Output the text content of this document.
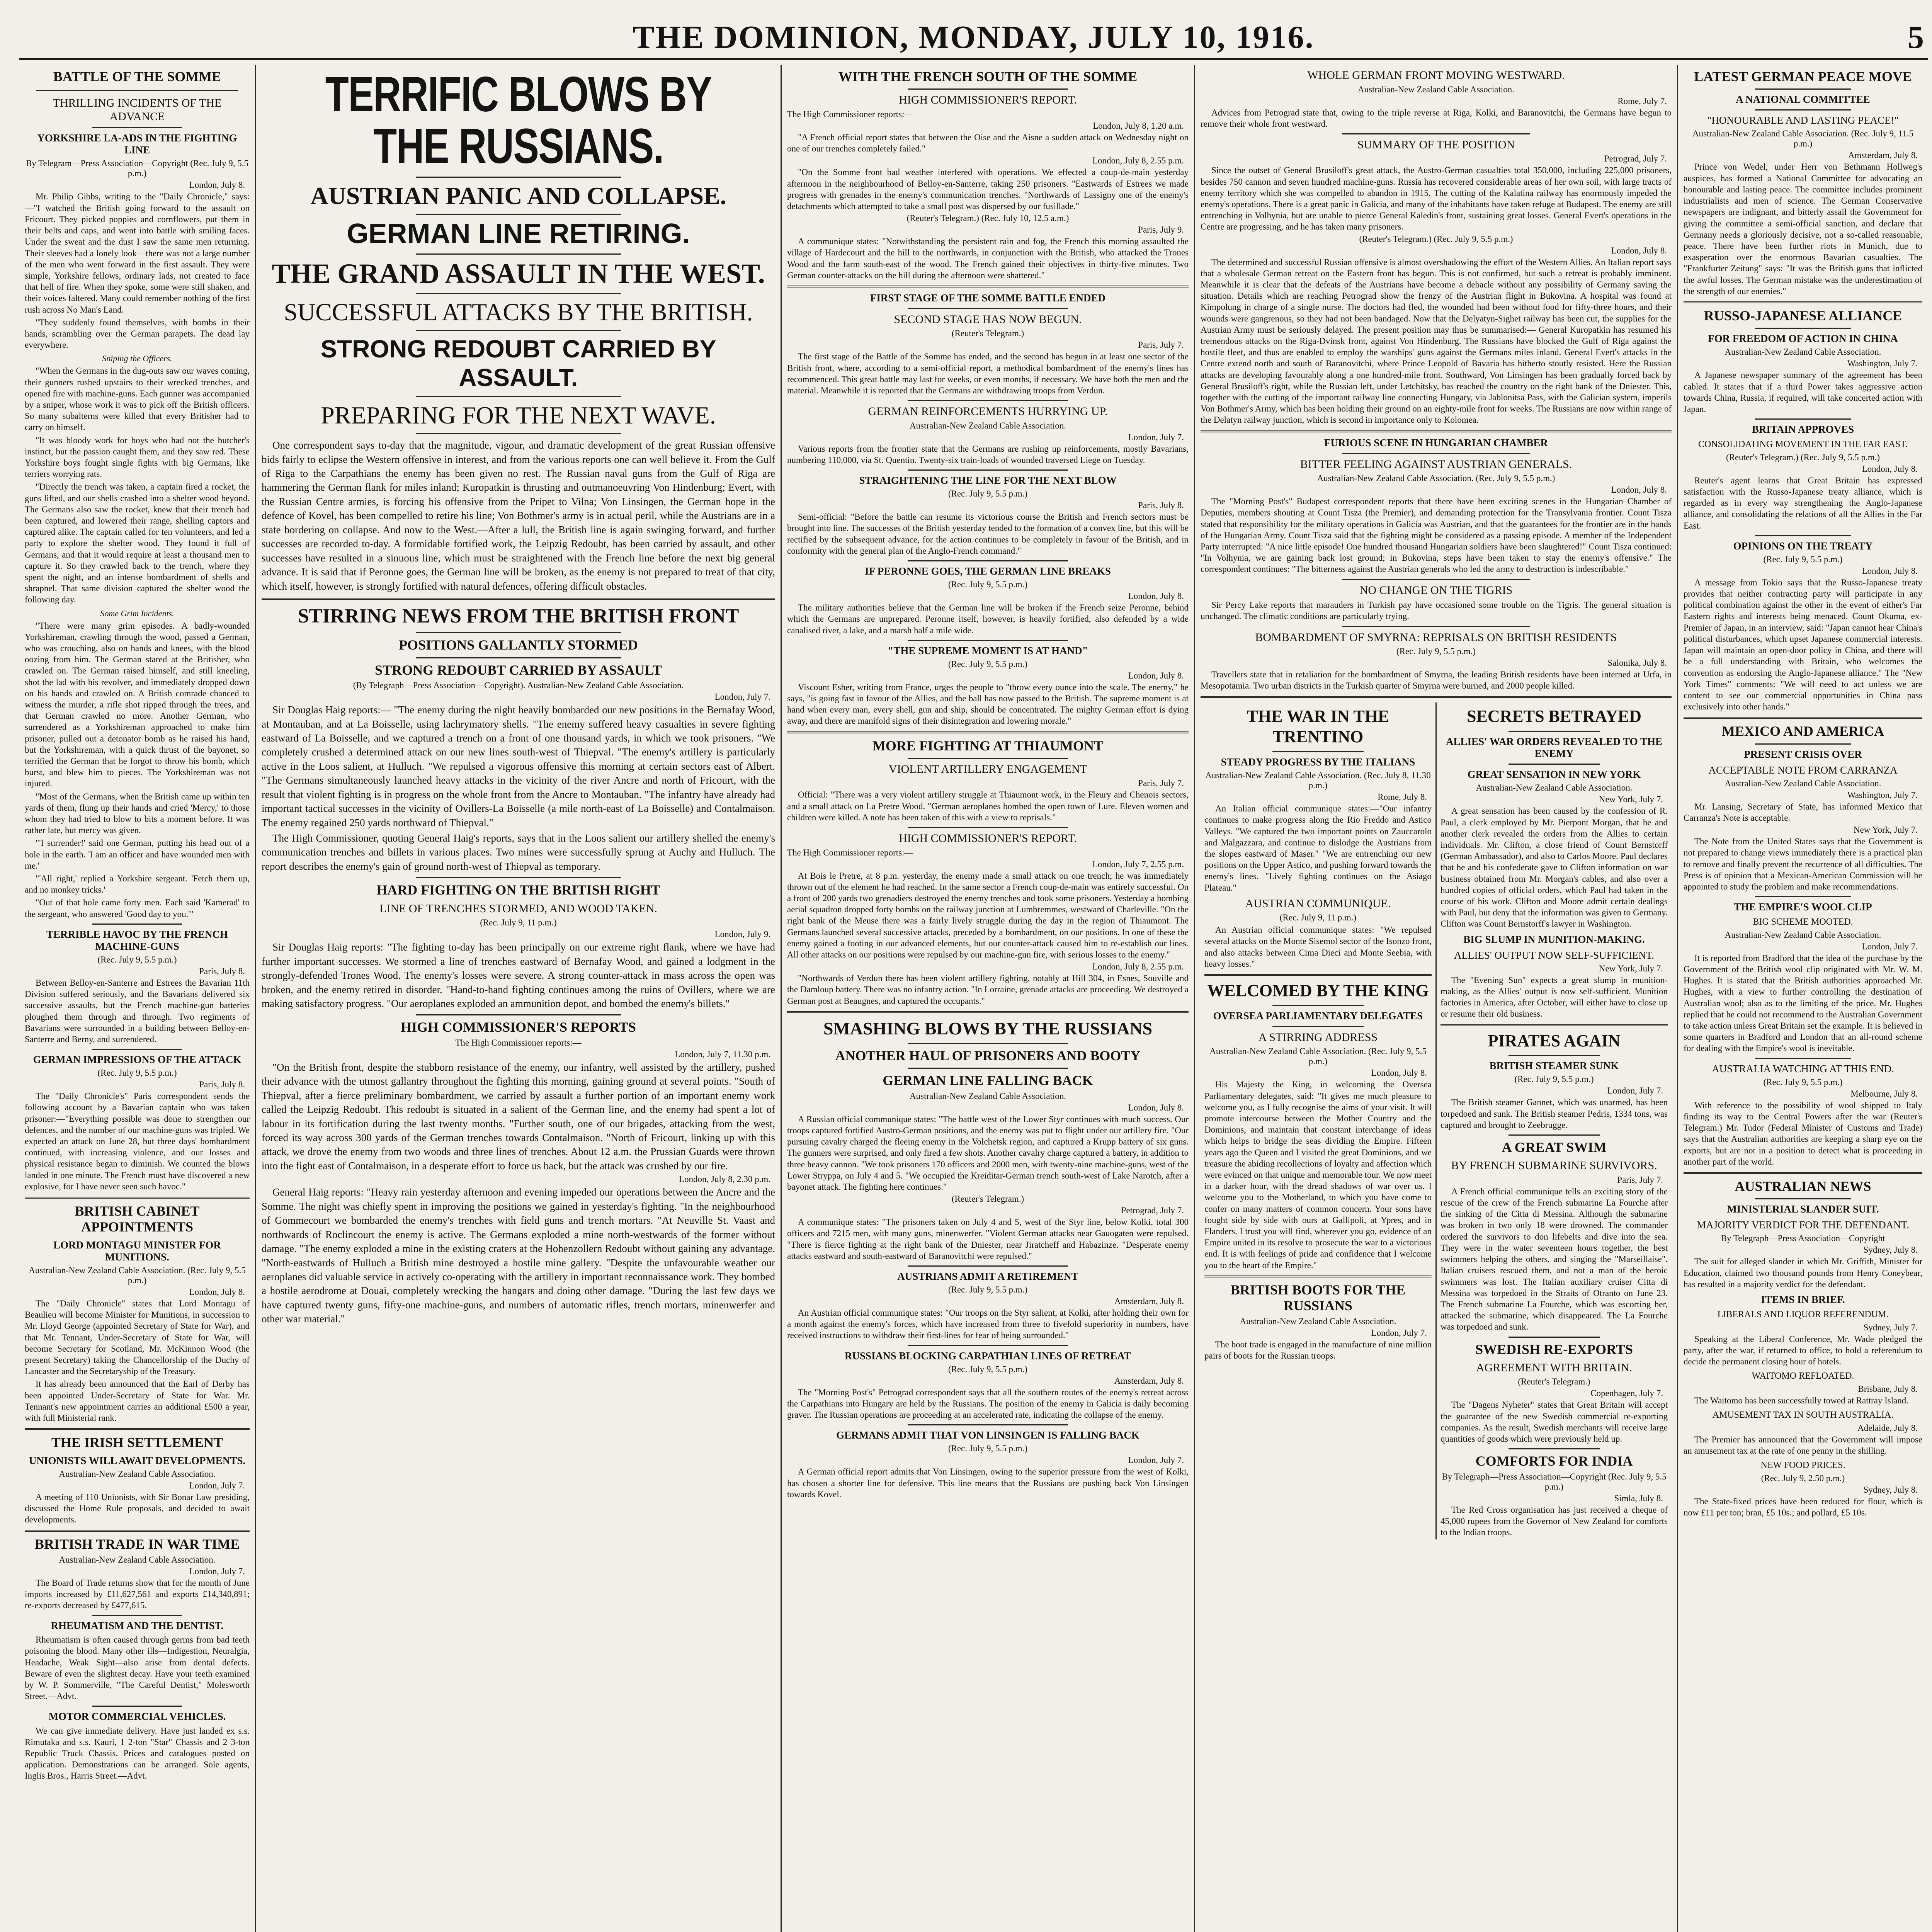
THE DOMINION, MONDAY, JULY 10, 1916.	5
BATTLE OF THE SOMME
THRILLING INCIDENTS OF THE ADVANCE
YORKSHIRE LA-ADS IN THE FIGHTING LINE
By Telegram—Press Association—Copyright (Rec. July 9, 5.5 p.m.)
London, July 8.

Mr. Philip Gibbs, writing to the "Daily Chronicle," says:—"I watched the British going forward to the assault on Fricourt. They picked poppies and cornflowers, put them in their belts and caps, and went into battle with smiling faces. Under the sweat and the dust I saw the same men returning. Their sleeves had a lonely look—there was not a large number of the men who went forward in the first assault. They were simple, Yorkshire fellows, ordinary lads, not created to face that hell of fire. When they spoke, some were still shaken, and their voices faltered. Many could remember nothing of the first rush across No Man's Land.

"They suddenly found themselves, with bombs in their hands, scrambling over the German parapets. The dead lay everywhere.

Sniping the Officers.

"When the Germans in the dug-outs saw our waves coming, their gunners rushed upstairs to their wrecked trenches, and opened fire with machine-guns. Each gunner was accompanied by a sniper, whose work it was to pick off the British officers. So many subalterns were killed that every Britisher had to carry on himself.

"It was bloody work for boys who had not the butcher's instinct, but the passion caught them, and they saw red. These Yorkshire boys fought single fights with big Germans, like terriers worrying rats.

"Directly the trench was taken, a captain fired a rocket, the guns lifted, and our shells crashed into a shelter wood beyond. The Germans also saw the rocket, knew that their trench had been captured, and lowered their range, shelling captors and captured alike. The captain called for ten volunteers, and led a party to explore the shelter wood. They found it full of Germans, and that it would require at least a thousand men to capture it. So they crawled back to the trench, where they spent the night, and an intense bombardment of shells and shrapnel. That same division captured the shelter wood the following day.

Some Grim Incidents.

"There were many grim episodes. A badly-wounded Yorkshireman, crawling through the wood, passed a German, who was crouching, also on hands and knees, with the blood oozing from him. The German stared at the Britisher, who crawled on. The German raised himself, and still kneeling, shot the lad with his revolver, and immediately dropped down on his hands and crawled on. A British comrade chanced to witness the murder, a rifle shot ripped through the trees, and that German crawled no more. Another German, who surrendered as a Yorkshireman approached to make him prisoner, pulled out a detonator bomb as he raised his hand, but the Yorkshireman, with a quick thrust of the bayonet, so terrified the German that he forgot to throw his bomb, which burst, and blew him to pieces. The Yorkshireman was not injured.

"Most of the Germans, when the British came up within ten yards of them, flung up their hands and cried 'Mercy,' to those whom they had tried to blow to bits a moment before. It was rather late, but mercy was given.

"'I surrender!' said one German, putting his head out of a hole in the earth. 'I am an officer and have wounded men with me.'

"'All right,' replied a Yorkshire sergeant. 'Fetch them up, and no monkey tricks.'

"Out of that hole came forty men. Each said 'Kamerad' to the sergeant, who answered 'Good day to you.'"

TERRIBLE HAVOC BY THE FRENCH MACHINE-GUNS
(Rec. July 9, 5.5 p.m.)
Paris, July 8.

Between Belloy-en-Santerre and Estrees the Bavarian 11th Division suffered seriously, and the Bavarians delivered six successive assaults, but the French machine-gun batteries ploughed them through and through. Two regiments of Bavarians were surrounded in a building between Belloy-en-Santerre and Berny, and surrendered.

GERMAN IMPRESSIONS OF THE ATTACK
(Rec. July 9, 5.5 p.m.)
Paris, July 8.

The "Daily Chronicle's" Paris correspondent sends the following account by a Bavarian captain who was taken prisoner:—"Everything possible was done to strengthen our defences, and the number of our machine-guns was tripled. We expected an attack on June 28, but three days' bombardment continued, with increasing violence, and our losses and physical resistance began to diminish. We counted the blows landed in one minute. The French must have discovered a new explosive, for I have never seen such havoc."

BRITISH CABINET APPOINTMENTS
LORD MONTAGU MINISTER FOR MUNITIONS.
Australian-New Zealand Cable Association. (Rec. July 9, 5.5 p.m.)
London, July 8.

The "Daily Chronicle" states that Lord Montagu of Beaulieu will become Minister for Munitions, in succession to Mr. Lloyd George (appointed Secretary of State for War), and that Mr. Tennant, Under-Secretary of State for War, will become Secretary for Scotland, Mr. McKinnon Wood (the present Secretary) taking the Chancellorship of the Duchy of Lancaster and the Secretaryship of the Treasury.

It has already been announced that the Earl of Derby has been appointed Under-Secretary of State for War. Mr. Tennant's new appointment carries an additional £500 a year, with full Ministerial rank.

THE IRISH SETTLEMENT
UNIONISTS WILL AWAIT DEVELOPMENTS.
Australian-New Zealand Cable Association.
London, July 7.

A meeting of 110 Unionists, with Sir Bonar Law presiding, discussed the Home Rule proposals, and decided to await developments.

BRITISH TRADE IN WAR TIME
Australian-New Zealand Cable Association.
London, July 7.

The Board of Trade returns show that for the month of June imports increased by £11,627,561 and exports £14,340,891; re-exports decreased by £477,615.

RHEUMATISM AND THE DENTIST.

Rheumatism is often caused through germs from bad teeth poisoning the blood. Many other ills—Indigestion, Neuralgia, Headache, Weak Sight—also arise from dental defects. Beware of even the slightest decay. Have your teeth examined by W. P. Sommerville, "The Careful Dentist," Molesworth Street.—Advt.

MOTOR COMMERCIAL VEHICLES.

We can give immediate delivery. Have just landed ex s.s. Rimutaka and s.s. Kauri, 1 2-ton "Star" Chassis and 2 3-ton Republic Truck Chassis. Prices and catalogues posted on application. Demonstrations can be arranged. Sole agents, Inglis Bros., Harris Street.—Advt.

TERRIFIC BLOWS BY THE RUSSIANS.
AUSTRIAN PANIC AND COLLAPSE.
GERMAN LINE RETIRING.
THE GRAND ASSAULT IN THE WEST.
SUCCESSFUL ATTACKS BY THE BRITISH.
STRONG REDOUBT CARRIED BY ASSAULT.
PREPARING FOR THE NEXT WAVE.

One correspondent says to-day that the magnitude, vigour, and dramatic development of the great Russian offensive bids fairly to eclipse the Western offensive in interest, and from the various reports one can well believe it. From the Gulf of Riga to the Carpathians the enemy has been given no rest. The Russian naval guns from the Gulf of Riga are hammering the German flank for miles inland; Kuropatkin is thrusting and outmanoeuvring Von Hindenburg; Evert, with the Russian Centre armies, is forcing his offensive from the Pripet to Vilna; Von Linsingen, the German hope in the defence of Kovel, has been compelled to retire his line; Von Bothmer's army is in actual peril, while the Austrians are in a state bordering on collapse. And now to the West.—After a lull, the British line is again swinging forward, and further successes are recorded to-day. A formidable fortified work, the Leipzig Redoubt, has been carried by assault, and other successes have resulted in a sinuous line, which must be straightened with the French line before the next big general advance. It is said that if Peronne goes, the German line will be broken, as the enemy is not prepared to treat of that city, which itself, however, is strongly fortified with natural defences, offering difficult obstacles.

STIRRING NEWS FROM THE BRITISH FRONT
POSITIONS GALLANTLY STORMED
STRONG REDOUBT CARRIED BY ASSAULT
(By Telegraph—Press Association—Copyright). Australian-New Zealand Cable Association.
London, July 7.

Sir Douglas Haig reports:— "The enemy during the night heavily bombarded our new positions in the Bernafay Wood, at Montauban, and at La Boisselle, using lachrymatory shells. "The enemy suffered heavy casualties in severe fighting eastward of La Boisselle, and we captured a trench on a front of one thousand yards, in which we took prisoners. "We completely crushed a determined attack on our new lines south-west of Thiepval. "The enemy's artillery is particularly active in the Loos salient, at Hulluch. "We repulsed a vigorous offensive this morning at certain sectors east of Albert. "The Germans simultaneously launched heavy attacks in the vicinity of the river Ancre and north of Fricourt, with the result that violent fighting is in progress on the whole front from the Ancre to Montauban. "The infantry have already had important tactical successes in the vicinity of Ovillers-La Boisselle (a mile north-east of La Boisselle) and Contalmaison. The enemy regained 250 yards northward of Thiepval."

The High Commissioner, quoting General Haig's reports, says that in the Loos salient our artillery shelled the enemy's communication trenches and billets in various places. Two mines were successfully sprung at Auchy and Hulluch. The report describes the enemy's gain of ground north-west of Thiepval as temporary.

HARD FIGHTING ON THE BRITISH RIGHT
LINE OF TRENCHES STORMED, AND WOOD TAKEN.
(Rec. July 9, 11 p.m.)
London, July 9.

Sir Douglas Haig reports: "The fighting to-day has been principally on our extreme right flank, where we have had further important successes. We stormed a line of trenches eastward of Bernafay Wood, and gained a lodgment in the strongly-defended Trones Wood. The enemy's losses were severe. A strong counter-attack in mass across the open was broken, and the enemy retired in disorder. "Hand-to-hand fighting continues among the ruins of Ovillers, where we are making satisfactory progress. "Our aeroplanes exploded an ammunition depot, and bombed the enemy's billets."

HIGH COMMISSIONER'S REPORTS
The High Commissioner reports:—
London, July 7, 11.30 p.m.

"On the British front, despite the stubborn resistance of the enemy, our infantry, well assisted by the artillery, pushed their advance with the utmost gallantry throughout the fighting this morning, gaining ground at several points. "South of Thiepval, after a fierce preliminary bombardment, we carried by assault a further portion of an important enemy work called the Leipzig Redoubt. This redoubt is situated in a salient of the German line, and the enemy had spent a lot of labour in its fortification during the last twenty months. "Further south, one of our brigades, attacking from the west, forced its way across 300 yards of the German trenches towards Contalmaison. "North of Fricourt, linking up with this attack, we drove the enemy from two woods and three lines of trenches. About 12 a.m. the Prussian Guards were thrown into the fight east of Contalmaison, in a desperate effort to force us back, but the attack was crushed by our fire.

London, July 8, 2.30 p.m.

General Haig reports: "Heavy rain yesterday afternoon and evening impeded our operations between the Ancre and the Somme. The night was chiefly spent in improving the positions we gained in yesterday's fighting. "In the neighbourhood of Gommecourt we bombarded the enemy's trenches with field guns and trench mortars. "At Neuville St. Vaast and northwards of Roclincourt the enemy is active. The Germans exploded a mine north-westwards of the former without damage. "The enemy exploded a mine in the existing craters at the Hohenzollern Redoubt without gaining any advantage. "North-eastwards of Hulluch a British mine destroyed a hostile mine gallery. "Despite the unfavourable weather our aeroplanes did valuable service in actively co-operating with the artillery in important reconnaissance work. They bombed a hostile aerodrome at Douai, completely wrecking the hangars and doing other damage. "During the last few days we have captured twenty guns, fifty-one machine-guns, and numbers of automatic rifles, trench mortars, minenwerfer and other war material."

WITH THE FRENCH SOUTH OF THE SOMME
HIGH COMMISSIONER'S REPORT.
The High Commissioner reports:—
London, July 8, 1.20 a.m.

"A French official report states that between the Oise and the Aisne a sudden attack on Wednesday night on one of our trenches completely failed."

London, July 8, 2.55 p.m.

"On the Somme front bad weather interfered with operations. We effected a coup-de-main yesterday afternoon in the neighbourhood of Belloy-en-Santerre, taking 250 prisoners. "Eastwards of Estrees we made progress with grenades in the enemy's communication trenches. "Northwards of Lassigny one of the enemy's detachments which attempted to take a small post was dispersed by our fusillade."

(Reuter's Telegram.) (Rec. July 10, 12.5 a.m.)
Paris, July 9.

A communique states: "Notwithstanding the persistent rain and fog, the French this morning assaulted the village of Hardecourt and the hill to the northwards, in conjunction with the British, who attacked the Trones Wood and the farm south-east of the wood. The French gained their objectives in thirty-five minutes. Two German counter-attacks on the hill during the afternoon were shattered."

FIRST STAGE OF THE SOMME BATTLE ENDED
SECOND STAGE HAS NOW BEGUN.
(Reuter's Telegram.)
Paris, July 7.

The first stage of the Battle of the Somme has ended, and the second has begun in at least one sector of the British front, where, according to a semi-official report, a methodical bombardment of the enemy's lines has recommenced. This great battle may last for weeks, or even months, if necessary. We have both the men and the material. Meanwhile it is reported that the Germans are withdrawing troops from Verdun.

GERMAN REINFORCEMENTS HURRYING UP.
Australian-New Zealand Cable Association.
London, July 7.

Various reports from the frontier state that the Germans are rushing up reinforcements, mostly Bavarians, numbering 110,000, via St. Quentin. Twenty-six train-loads of wounded traversed Liege on Tuesday.

STRAIGHTENING THE LINE FOR THE NEXT BLOW
(Rec. July 9, 5.5 p.m.)
Paris, July 8.

Semi-official: "Before the battle can resume its victorious course the British and French sectors must be brought into line. The successes of the British yesterday tended to the formation of a convex line, but this will be rectified by the subsequent advance, for the action continues to be completely in favour of the British, and in conformity with the general plan of the Anglo-French command."

IF PERONNE GOES, THE GERMAN LINE BREAKS
(Rec. July 9, 5.5 p.m.)
London, July 8.

The military authorities believe that the German line will be broken if the French seize Peronne, behind which the Germans are unprepared. Peronne itself, however, is heavily fortified, also defended by a wide canalised river, a lake, and a marsh half a mile wide.

"THE SUPREME MOMENT IS AT HAND"
(Rec. July 9, 5.5 p.m.)
London, July 8.

Viscount Esher, writing from France, urges the people to "throw every ounce into the scale. The enemy," he says, "is going fast in favour of the Allies, and the ball has now passed to the British. The supreme moment is at hand when every man, every shell, gun and ship, should be concentrated. The mighty German effort is dying away, and there are manifold signs of their disintegration and lowering morale."

MORE FIGHTING AT THIAUMONT
VIOLENT ARTILLERY ENGAGEMENT
Paris, July 7.

Official: "There was a very violent artillery struggle at Thiaumont work, in the Fleury and Chenois sectors, and a small attack on La Pretre Wood. "German aeroplanes bombed the open town of Lure. Eleven women and children were killed. A note has been taken of this with a view to reprisals."

HIGH COMMISSIONER'S REPORT.
The High Commissioner reports:—
London, July 7, 2.55 p.m.

At Bois le Pretre, at 8 p.m. yesterday, the enemy made a small attack on one trench; he was immediately thrown out of the element he had reached. In the same sector a French coup-de-main was entirely successful. On a front of 200 yards two grenadiers destroyed the enemy trenches and took some prisoners. Yesterday a bombing aerial squadron dropped forty bombs on the railway junction at Lumbremmes, westward of Charleville. "On the right bank of the Meuse there was a fairly lively struggle during the day in the region of Thiaumont. The Germans launched several successive attacks, preceded by a bombardment, on our positions. In one of these the enemy gained a footing in our advanced elements, but our counter-attack caused him to re-establish our lines. All other attacks on our positions were repulsed by our machine-gun fire, with serious losses to the enemy."

London, July 8, 2.55 p.m.

"Northwards of Verdun there has been violent artillery fighting, notably at Hill 304, in Esnes, Souville and the Damloup battery. There was no infantry action. "In Lorraine, grenade attacks are proceeding. We destroyed a German post at Beaugnes, and captured the occupants."

SMASHING BLOWS BY THE RUSSIANS
ANOTHER HAUL OF PRISONERS AND BOOTY
GERMAN LINE FALLING BACK
Australian-New Zealand Cable Association.
London, July 8.

A Russian official communique states: "The battle west of the Lower Styr continues with much success. Our troops captured fortified Austro-German positions, and the enemy was put to flight under our artillery fire. "Our pursuing cavalry charged the fleeing enemy in the Volchetsk region, and captured a Krupp battery of six guns. The gunners were surprised, and only fired a few shots. Another cavalry charge captured a battery, in addition to three heavy cannon. "We took prisoners 170 officers and 2000 men, with twenty-nine machine-guns, west of the Lower Stryppa, on July 4 and 5. "We occupied the Kreiditar-German trench south-west of Lake Narotch, after a bayonet attack. The fighting here continues."

(Reuter's Telegram.)
Petrograd, July 7.

A communique states: "The prisoners taken on July 4 and 5, west of the Styr line, below Kolki, total 300 officers and 7215 men, with many guns, minenwerfer. "Violent German attacks near Gauogaten were repulsed. "There is fierce fighting at the right bank of the Dniester, near Jiratcheff and Habazinze. "Desperate enemy attacks eastward and south-eastward of Baranovitchi were repulsed."

AUSTRIANS ADMIT A RETIREMENT
(Rec. July 9, 5.5 p.m.)
Amsterdam, July 8.

An Austrian official communique states: "Our troops on the Styr salient, at Kolki, after holding their own for a month against the enemy's forces, which have increased from three to fivefold superiority in numbers, have received instructions to withdraw their first-lines for fear of being surrounded."

RUSSIANS BLOCKING CARPATHIAN LINES OF RETREAT
(Rec. July 9, 5.5 p.m.)
Amsterdam, July 8.

The "Morning Post's" Petrograd correspondent says that all the southern routes of the enemy's retreat across the Carpathians into Hungary are held by the Russians. The position of the enemy in Galicia is daily becoming graver. The Russian operations are proceeding at an accelerated rate, indicating the collapse of the enemy.

GERMANS ADMIT THAT VON LINSINGEN IS FALLING BACK
(Rec. July 9, 5.5 p.m.)
London, July 7.

A German official report admits that Von Linsingen, owing to the superior pressure from the west of Kolki, has chosen a shorter line for defensive. This line means that the Russians are pushing back Von Linsingen towards Kovel.

WHOLE GERMAN FRONT MOVING WESTWARD.
Australian-New Zealand Cable Association.
Rome, July 7.

Advices from Petrograd state that, owing to the triple reverse at Riga, Kolki, and Baranovitchi, the Germans have begun to remove their whole front westward.

SUMMARY OF THE POSITION
Petrograd, July 7.

Since the outset of General Brusiloff's great attack, the Austro-German casualties total 350,000, including 225,000 prisoners, besides 750 cannon and seven hundred machine-guns. Russia has recovered considerable areas of her own soil, with large tracts of enemy territory which she was compelled to abandon in 1915. The cutting of the Kalatina railway has enormously impeded the enemy's operations. There is a great panic in Galicia, and many of the inhabitants have taken refuge at Budapest. The enemy are still entrenching in Volhynia, but are unable to pierce General Kaledin's front, sustaining great losses. General Evert's operations in the Centre are progressing, and he has taken many prisoners.

(Reuter's Telegram.) (Rec. July 9, 5.5 p.m.)
London, July 8.

The determined and successful Russian offensive is almost overshadowing the effort of the Western Allies. An Italian report says that a wholesale German retreat on the Eastern front has begun. This is not confirmed, but such a retreat is probably imminent. Meanwhile it is clear that the defeats of the Austrians have become a debacle without any possibility of Germany saving the situation. Details which are reaching Petrograd show the frenzy of the Austrian flight in Bukovina. A hospital was found at Kimpolung in charge of a single nurse. The doctors had fled, the wounded had been without food for fifty-three hours, and their wounds were gangrenous, so they had not been bandaged. Now that the Delyatyn-Sighet railway has been cut, the supplies for the Austrian Army must be seriously delayed. The present position may thus be summarised:— General Kuropatkin has resumed his tremendous attacks on the Riga-Dvinsk front, against Von Hindenburg. The Russians have blocked the Gulf of Riga against the hostile fleet, and thus are enabled to employ the warships' guns against the Germans miles inland. General Evert's attacks in the Centre extend north and south of Baranovitchi, where Prince Leopold of Bavaria has hitherto stoutly resisted. Here the Russian attacks are developing favourably along a one hundred-mile front. Southward, Von Linsingen has been gradually forced back by General Brusiloff's right, while the Russian left, under Letchitsky, has reached the country on the right bank of the Dniester. This, together with the cutting of the important railway line connecting Hungary, via Jablonitsa Pass, with the Galician system, imperils Von Bothmer's Army, which has been holding their ground on an eighty-mile front for weeks. The Russians are now within range of the Delatyn railway junction, which is second in importance only to Kolomea.

FURIOUS SCENE IN HUNGARIAN CHAMBER
BITTER FEELING AGAINST AUSTRIAN GENERALS.
Australian-New Zealand Cable Association. (Rec. July 9, 5.5 p.m.)
London, July 8.

The "Morning Post's" Budapest correspondent reports that there have been exciting scenes in the Hungarian Chamber of Deputies, members shouting at Count Tisza (the Premier), and demanding protection for the Transylvania frontier. Count Tisza stated that responsibility for the military operations in Galicia was Austrian, and that the guarantees for the frontier are in the hands of the Hungarian Army. Count Tisza said that the fighting might be considered as a passing episode. A member of the Independent Party interrupted: "A nice little episode! One hundred thousand Hungarian soldiers have been slaughtered!" Count Tisza continued: "In Volhynia, we are gaining back lost ground; in Bukovina, steps have been taken to stay the enemy's offensive." The correspondent continues: "The bitterness against the Austrian generals who led the army to destruction is indescribable."

NO CHANGE ON THE TIGRIS

Sir Percy Lake reports that marauders in Turkish pay have occasioned some trouble on the Tigris. The general situation is unchanged. The climatic conditions are particularly trying.

BOMBARDMENT OF SMYRNA: REPRISALS ON BRITISH RESIDENTS
(Rec. July 9, 5.5 p.m.)
Salonika, July 8.

Travellers state that in retaliation for the bombardment of Smyrna, the leading British residents have been interned at Urfa, in Mesopotamia. Two urban districts in the Turkish quarter of Smyrna were burned, and 2000 people killed.

THE WAR IN THE TRENTINO
STEADY PROGRESS BY THE ITALIANS
Australian-New Zealand Cable Association. (Rec. July 8, 11.30 p.m.)
Rome, July 8.

An Italian official communique states:—"Our infantry continues to make progress along the Rio Freddo and Astico Valleys. "We captured the two important points on Zauccarolo and Malgazzara, and continue to dislodge the Austrians from the slopes eastward of Maser." "We are entrenching our new positions on the Upper Astico, and pushing forward towards the enemy's lines. "Lively fighting continues on the Asiago Plateau."

AUSTRIAN COMMUNIQUE.
(Rec. July 9, 11 p.m.)

An Austrian official communique states: "We repulsed several attacks on the Monte Sisemol sector of the Isonzo front, and also attacks between Cima Dieci and Monte Seebia, with heavy losses."

WELCOMED BY THE KING
OVERSEA PARLIAMENTARY DELEGATES
A STIRRING ADDRESS
Australian-New Zealand Cable Association. (Rec. July 9, 5.5 p.m.)
London, July 8.

His Majesty the King, in welcoming the Oversea Parliamentary delegates, said: "It gives me much pleasure to welcome you, as I fully recognise the aims of your visit. It will promote intercourse between the Mother Country and the Dominions, and maintain that constant interchange of ideas which helps to bridge the seas dividing the Empire. Fifteen years ago the Queen and I visited the great Dominions, and we treasure the abiding recollections of loyalty and affection which were evinced on that unique and memorable tour. We now meet in a darker hour, with the dread shadows of war over us. I welcome you to the Motherland, to which you have come to confer on many matters of common concern. Your sons have fought side by side with ours at Gallipoli, at Ypres, and in Flanders. I trust you will find, wherever you go, evidence of an Empire united in its resolve to prosecute the war to a victorious end. It is with feelings of pride and confidence that I welcome you to the heart of the Empire."

BRITISH BOOTS FOR THE RUSSIANS
Australian-New Zealand Cable Association.
London, July 7.

The boot trade is engaged in the manufacture of nine million pairs of boots for the Russian troops.

SECRETS BETRAYED
ALLIES' WAR ORDERS REVEALED TO THE ENEMY
GREAT SENSATION IN NEW YORK
Australian-New Zealand Cable Association.
New York, July 7.

A great sensation has been caused by the confession of R. Paul, a clerk employed by Mr. Pierpont Morgan, that he and another clerk revealed the orders from the Allies to certain individuals. Mr. Clifton, a close friend of Count Bernstorff (German Ambassador), and also to Carlos Moore. Paul declares that he and his confederate gave to Clifton information on war business obtained from Mr. Morgan's cables, and also over a hundred copies of official orders, which Paul had taken in the course of his work. Clifton and Moore admit certain dealings with Paul, but deny that the information was given to Germany. Clifton was Count Bernstorff's lawyer in Washington.

BIG SLUMP IN MUNITION-MAKING.
ALLIES' OUTPUT NOW SELF-SUFFICIENT.
New York, July 7.

The "Evening Sun" expects a great slump in munition-making, as the Allies' output is now self-sufficient. Munition factories in America, after October, will either have to close up or resume their old business.

PIRATES AGAIN
BRITISH STEAMER SUNK
(Rec. July 9, 5.5 p.m.)
London, July 7.

The British steamer Gannet, which was unarmed, has been torpedoed and sunk. The British steamer Pedris, 1334 tons, was captured and brought to Zeebrugge.

A GREAT SWIM
BY FRENCH SUBMARINE SURVIVORS.
Paris, July 7.

A French official communique tells an exciting story of the rescue of the crew of the French submarine La Fourche after the sinking of the Citta di Messina. Although the submarine was broken in two only 18 were drowned. The commander ordered the survivors to don lifebelts and dive into the sea. They were in the water seventeen hours together, the best swimmers helping the others, and singing the "Marseillaise". Italian cruisers rescued them, and not a man of the heroic swimmers was lost. The Italian auxiliary cruiser Citta di Messina was torpedoed in the Straits of Otranto on June 23. The French submarine La Fourche, which was escorting her, attacked the submarine, which disappeared. The La Fourche was torpedoed and sunk.

SWEDISH RE-EXPORTS
AGREEMENT WITH BRITAIN.
(Reuter's Telegram.)
Copenhagen, July 7.

The "Dagens Nyheter" states that Great Britain will accept the guarantee of the new Swedish commercial re-exporting companies. As the result, Swedish merchants will receive large quantities of goods which were previously held up.

COMFORTS FOR INDIA
By Telegraph—Press Association—Copyright (Rec. July 9, 5.5 p.m.)
Simla, July 8.

The Red Cross organisation has just received a cheque of 45,000 rupees from the Governor of New Zealand for comforts to the Indian troops.

LATEST GERMAN PEACE MOVE
A NATIONAL COMMITTEE
"HONOURABLE AND LASTING PEACE!"
Australian-New Zealand Cable Association. (Rec. July 9, 11.5 p.m.)
Amsterdam, July 8.

Prince von Wedel, under Herr von Bethmann Hollweg's auspices, has formed a National Committee for advocating an honourable and lasting peace. The committee includes prominent industrialists and men of science. The German Conservative newspapers are indignant, and bitterly assail the Government for giving the committee a semi-official sanction, and declare that Germany needs a gloriously decisive, not a so-called reasonable, peace. There have been further riots in Munich, due to exasperation over the enormous Bavarian casualties. The "Frankfurter Zeitung" says: "It was the British guns that inflicted the awful losses. The German mistake was the underestimation of the strength of our enemies."

RUSSO-JAPANESE ALLIANCE
FOR FREEDOM OF ACTION IN CHINA
Australian-New Zealand Cable Association.
Washington, July 7.

A Japanese newspaper summary of the agreement has been cabled. It states that if a third Power takes aggressive action towards China, Russia, if required, will take concerted action with Japan.

BRITAIN APPROVES
CONSOLIDATING MOVEMENT IN THE FAR EAST.
(Reuter's Telegram.) (Rec. July 9, 5.5 p.m.)
London, July 8.

Reuter's agent learns that Great Britain has expressed satisfaction with the Russo-Japanese treaty alliance, which is regarded as in every way strengthening the Anglo-Japanese alliance, and consolidating the relations of all the Allies in the Far East.

OPINIONS ON THE TREATY
(Rec. July 9, 5.5 p.m.)
London, July 8.

A message from Tokio says that the Russo-Japanese treaty provides that neither contracting party will participate in any political combination against the other in the event of either's Far Eastern rights and interests being menaced. Count Okuma, ex-Premier of Japan, in an interview, said: "Japan cannot hear China's political disturbances, which upset Japanese commercial interests. Japan will maintain an open-door policy in China, and there will be a full understanding with Britain, who welcomes the convention as endorsing the Anglo-Japanese alliance." The "New York Times" comments: "We will need to act unless we are content to see our commercial opportunities in China pass exclusively into other hands."

MEXICO AND AMERICA
PRESENT CRISIS OVER
ACCEPTABLE NOTE FROM CARRANZA
Australian-New Zealand Cable Association.
Washington, July 7.

Mr. Lansing, Secretary of State, has informed Mexico that Carranza's Note is acceptable.

New York, July 7.

The Note from the United States says that the Government is not prepared to change views immediately there is a practical plan to remove and finally prevent the recurrence of all difficulties. The Press is of opinion that a Mexican-American Commission will be appointed to study the problem and make recommendations.

THE EMPIRE'S WOOL CLIP
BIG SCHEME MOOTED.
Australian-New Zealand Cable Association.
London, July 7.

It is reported from Bradford that the idea of the purchase by the Government of the British wool clip originated with Mr. W. M. Hughes. It is stated that the British authorities approached Mr. Hughes, with a view to further controlling the destination of Australian wool; also as to the limiting of the price. Mr. Hughes replied that he could not recommend to the Australian Government to take action unless Great Britain set the example. It is believed in some quarters in Bradford and London that an all-round scheme for dealing with the Empire's wool is inevitable.

AUSTRALIA WATCHING AT THIS END.
(Rec. July 9, 5.5 p.m.)
Melbourne, July 8.

With reference to the possibility of wool shipped to Italy finding its way to the Central Powers after the war (Reuter's Telegram.) Mr. Tudor (Federal Minister of Customs and Trade) says that the Australian authorities are keeping a sharp eye on the exports, but are not in a position to detect what is proceeding in another part of the world.

AUSTRALIAN NEWS
MINISTERIAL SLANDER SUIT.
MAJORITY VERDICT FOR THE DEFENDANT.
By Telegraph—Press Association—Copyright
Sydney, July 8.

The suit for alleged slander in which Mr. Griffith, Minister for Education, claimed two thousand pounds from Henry Coneybear, has resulted in a majority verdict for the defendant.

ITEMS IN BRIEF.
LIBERALS AND LIQUOR REFERENDUM.
Sydney, July 7.

Speaking at the Liberal Conference, Mr. Wade pledged the party, after the war, if returned to office, to hold a referendum to decide the permanent closing hour of hotels.

WAITOMO REFLOATED.
Brisbane, July 8.

The Waitomo has been successfully towed at Rattray Island.

AMUSEMENT TAX IN SOUTH AUSTRALIA.
Adelaide, July 8.

The Premier has announced that the Government will impose an amusement tax at the rate of one penny in the shilling.

NEW FOOD PRICES.
(Rec. July 9, 2.50 p.m.)
Sydney, July 8.

The State-fixed prices have been reduced for flour, which is now £11 per ton; bran, £5 10s.; and pollard, £5 10s.
